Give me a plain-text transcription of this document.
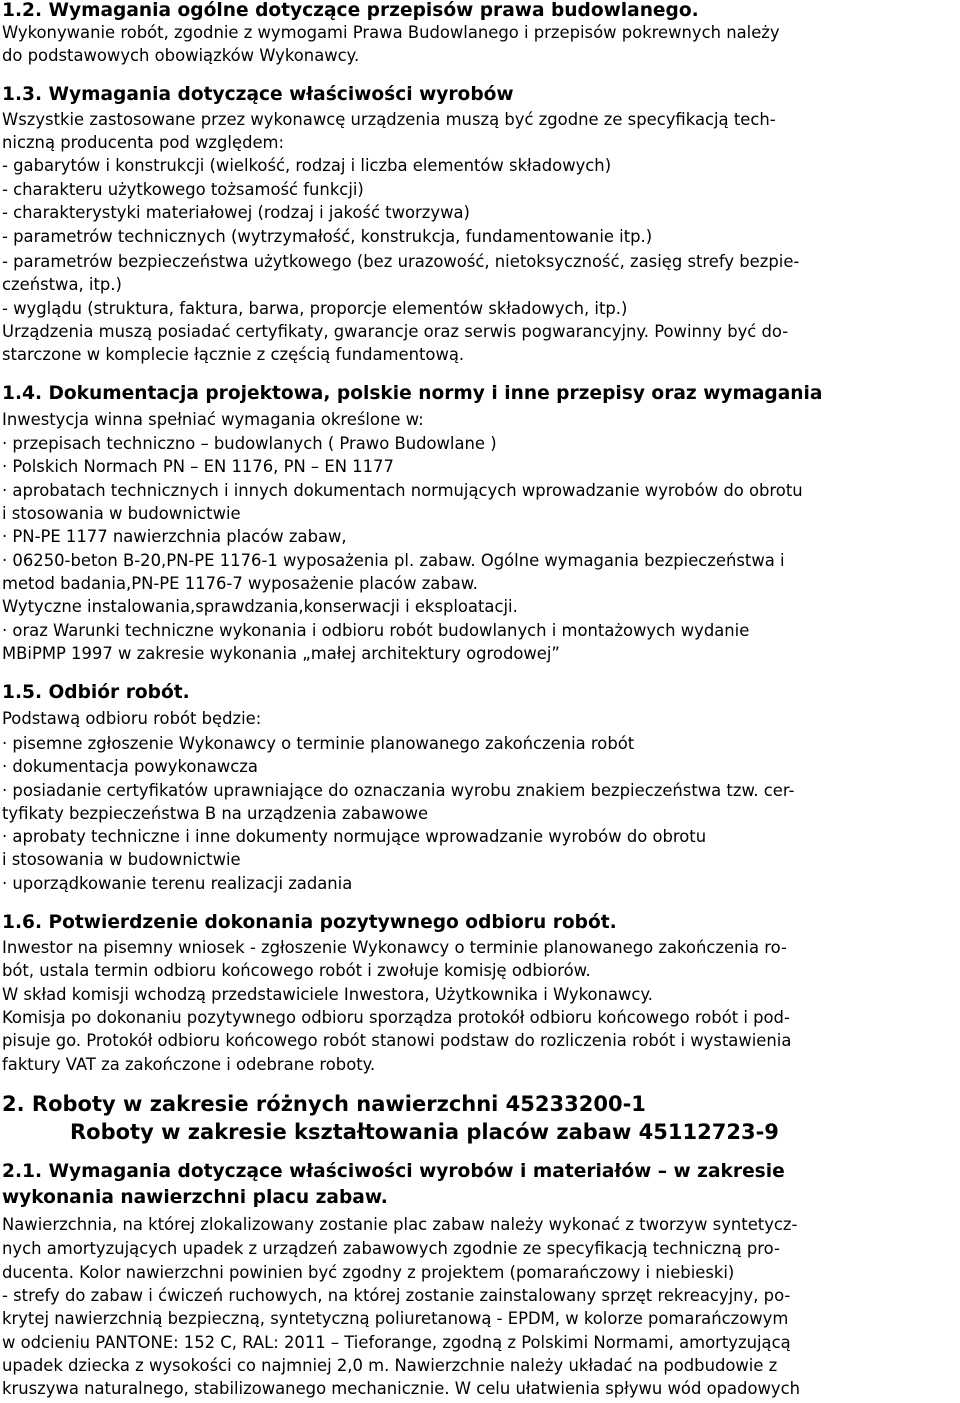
1.2. Wymagania ogólne dotyczące przepisów prawa budowlanego.
Wykonywanie robót, zgodnie z wymogami Prawa Budowlanego i przepisów pokrewnych należy
do podstawowych obowiązków Wykonawcy.
1.3. Wymagania dotyczące właściwości wyrobów
Wszystkie zastosowane przez wykonawcę urządzenia muszą być zgodne ze specyfikacją tech-
niczną producenta pod względem:
- gabarytów i konstrukcji (wielkość, rodzaj i liczba elementów składowych)
- charakteru użytkowego tożsamość funkcji)
- charakterystyki materiałowej (rodzaj i jakość tworzywa)
- parametrów technicznych (wytrzymałość, konstrukcja, fundamentowanie itp.)
- parametrów bezpieczeństwa użytkowego (bez urazowość, nietoksyczność, zasięg strefy bezpie-
czeństwa, itp.)
- wyglądu (struktura, faktura, barwa, proporcje elementów składowych, itp.)
Urządzenia muszą posiadać certyfikaty, gwarancje oraz serwis pogwarancyjny. Powinny być do-
starczone w komplecie łącznie z częścią fundamentową.
1.4. Dokumentacja projektowa, polskie normy i inne przepisy oraz wymagania
Inwestycja winna spełniać wymagania określone w:
· przepisach techniczno – budowlanych ( Prawo Budowlane )
· Polskich Normach PN – EN 1176, PN – EN 1177
· aprobatach technicznych i innych dokumentach normujących wprowadzanie wyrobów do obrotu
i stosowania w budownictwie
· PN-PE 1177 nawierzchnia placów zabaw,
· 06250-beton B-20,PN-PE 1176-1 wyposażenia pl. zabaw. Ogólne wymagania bezpieczeństwa i
metod badania,PN-PE 1176-7 wyposażenie placów zabaw.
Wytyczne instalowania,sprawdzania,konserwacji i eksploatacji.
· oraz Warunki techniczne wykonania i odbioru robót budowlanych i montażowych wydanie
MBiPMP 1997 w zakresie wykonania „małej architektury ogrodowej”
1.5. Odbiór robót.
Podstawą odbioru robót będzie:
· pisemne zgłoszenie Wykonawcy o terminie planowanego zakończenia robót
· dokumentacja powykonawcza
· posiadanie certyfikatów uprawniające do oznaczania wyrobu znakiem bezpieczeństwa tzw. cer-
tyfikaty bezpieczeństwa B na urządzenia zabawowe
· aprobaty techniczne i inne dokumenty normujące wprowadzanie wyrobów do obrotu
i stosowania w budownictwie
· uporządkowanie terenu realizacji zadania
1.6. Potwierdzenie dokonania pozytywnego odbioru robót.
Inwestor na pisemny wniosek - zgłoszenie Wykonawcy o terminie planowanego zakończenia ro-
bót, ustala termin odbioru końcowego robót i zwołuje komisję odbiorów.
W skład komisji wchodzą przedstawiciele Inwestora, Użytkownika i Wykonawcy.
Komisja po dokonaniu pozytywnego odbioru sporządza protokół odbioru końcowego robót i pod-
pisuje go. Protokół odbioru końcowego robót stanowi podstaw do rozliczenia robót i wystawienia
faktury VAT za zakończone i odebrane roboty.
2. Roboty w zakresie różnych nawierzchni 45233200-1
Roboty w zakresie kształtowania placów zabaw 45112723-9
2.1. Wymagania dotyczące właściwości wyrobów i materiałów – w zakresie
wykonania nawierzchni placu zabaw.
Nawierzchnia, na której zlokalizowany zostanie plac zabaw należy wykonać z tworzyw syntetycz-
nych amortyzujących upadek z urządzeń zabawowych zgodnie ze specyfikacją techniczną pro-
ducenta. Kolor nawierzchni powinien być zgodny z projektem (pomarańczowy i niebieski)
- strefy do zabaw i ćwiczeń ruchowych, na której zostanie zainstalowany sprzęt rekreacyjny, po-
krytej nawierzchnią bezpieczną, syntetyczną poliuretanową - EPDM, w kolorze pomarańczowym
w odcieniu PANTONE: 152 C, RAL: 2011 – Tieforange, zgodną z Polskimi Normami, amortyzującą
upadek dziecka z wysokości co najmniej 2,0 m. Nawierzchnie należy układać na podbudowie z
kruszywa naturalnego, stabilizowanego mechanicznie. W celu ułatwienia spływu wód opadowych
